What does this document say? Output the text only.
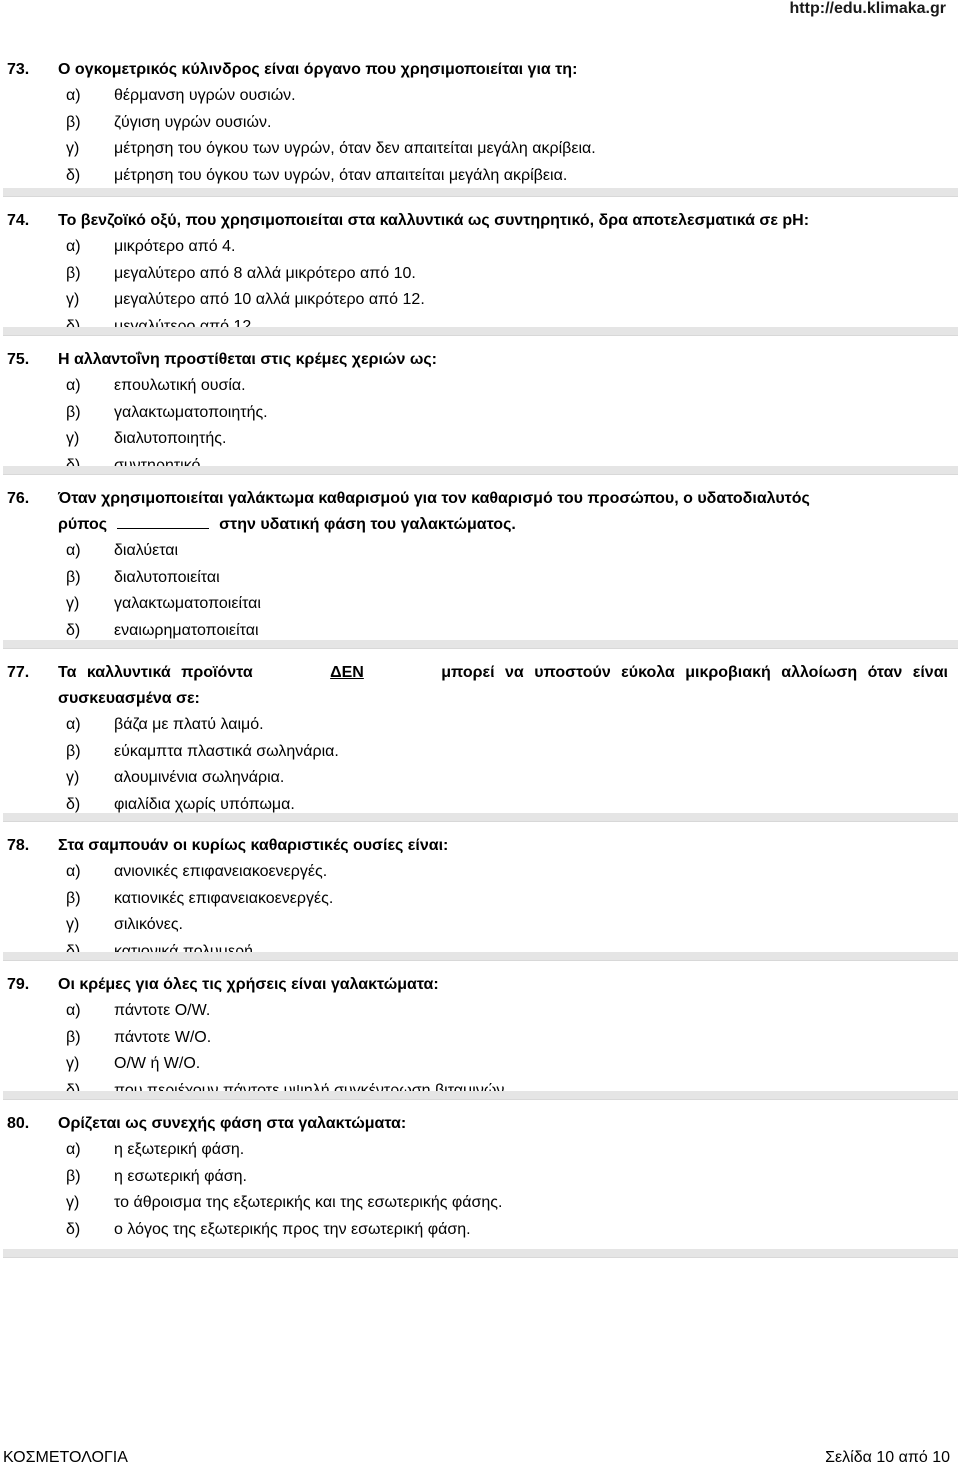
http://edu.klimaka.gr
73.	Ο ογκομετρικός κύλινδρος είναι όργανο που χρησιμοποιείται για τη:
α)	θέρμανση υγρών ουσιών.
β)	ζύγιση υγρών ουσιών.
γ)	μέτρηση του όγκου των υγρών, όταν δεν απαιτείται μεγάλη ακρίβεια.
δ)	μέτρηση του όγκου των υγρών, όταν απαιτείται μεγάλη ακρίβεια.
74.	Το βενζοϊκό οξύ, που χρησιμοποιείται στα καλλυντικά ως συντηρητικό, δρα αποτελεσματικά σε pH:
α)	μικρότερο από 4.
β)	μεγαλύτερο από 8 αλλά μικρότερο από 10.
γ)	μεγαλύτερο από 10 αλλά μικρότερο από 12.
75.	Η αλλαντοΐνη προστίθεται στις κρέμες χεριών ως:
α)	επουλωτική ουσία.
β)	γαλακτωματοποιητής.
γ)	διαλυτοποιητής.
76.	Όταν χρησιμοποιείται γαλάκτωμα καθαρισμού για τον καθαρισμό του προσώπου, ο υδατοδιαλυτός
ρύπος	στην υδατική φάση του γαλακτώματος.
α)	διαλύεται
β)	διαλυτοποιείται
γ)	γαλακτωματοποιείται
δ)	εναιωρηματοποιείται
77.	Τα καλλυντικά προϊόντα	ΔΕΝ	μπορεί να υποστούν εύκολα μικροβιακή αλλοίωση όταν είναι
συσκευασμένα σε:
α)	βάζα με πλατύ λαιμό.
β)	εύκαμπτα πλαστικά σωληνάρια.
γ)	αλουμινένια σωληνάρια.
δ)	φιαλίδια χωρίς υπόπωμα.
78.	Στα σαμπουάν οι κυρίως καθαριστικές ουσίες είναι:
α)	ανιονικές επιφανειακοενεργές.
β)	κατιονικές επιφανειακοενεργές.
γ)	σιλικόνες.
79.	Οι κρέμες για όλες τις χρήσεις είναι γαλακτώματα:
α)	πάντοτε O/W.
β)	πάντοτε W/O.
γ)	O/W ή W/O.
80.	Ορίζεται ως συνεχής φάση στα γαλακτώματα:
α)	η εξωτερική φάση.
β)	η εσωτερική φάση.
γ)	το άθροισμα της εξωτερικής και της εσωτερικής φάσης.
δ)	ο λόγος της εξωτερικής προς την εσωτερική φάση.
ΚΟΣΜΕΤΟΛΟΓΙΑ	Σελίδα 10 από 10
